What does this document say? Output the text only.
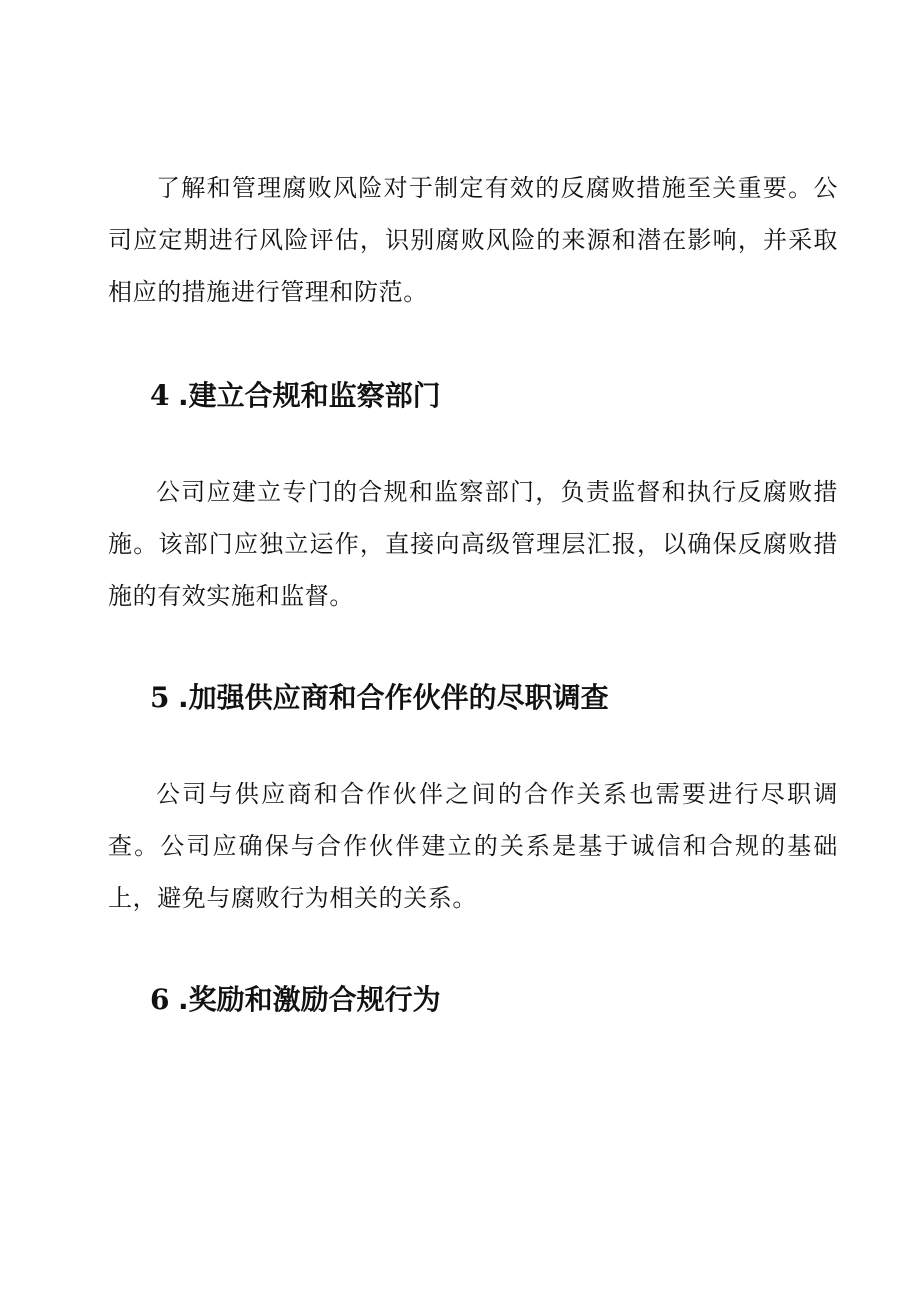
了解和管理腐败风险对于制定有效的反腐败措施至关重要。公司应定期进行风险评估，识别腐败风险的来源和潜在影响，并采取相应的措施进行管理和防范。

4 .建立合规和监察部门

公司应建立专门的合规和监察部门，负责监督和执行反腐败措施。该部门应独立运作，直接向高级管理层汇报，以确保反腐败措施的有效实施和监督。

5 .加强供应商和合作伙伴的尽职调查

公司与供应商和合作伙伴之间的合作关系也需要进行尽职调查。公司应确保与合作伙伴建立的关系是基于诚信和合规的基础上，避免与腐败行为相关的关系。

6 .奖励和激励合规行为
